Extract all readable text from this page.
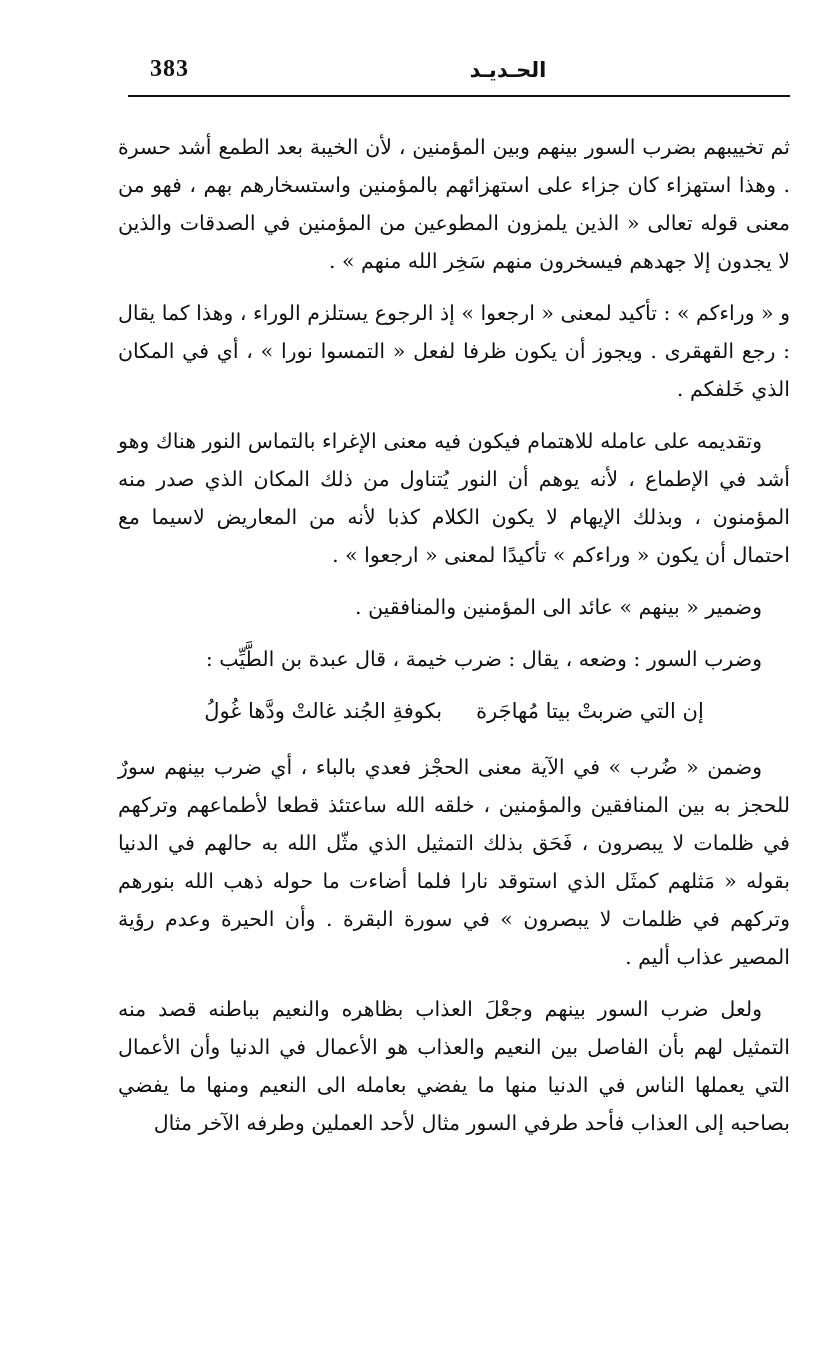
383	الحـديـد

ثم تخييبهم بضرب السور بينهم وبين المؤمنين ، لأن الخيبة بعد الطمع أشد حسرة . وهذا استهزاء كان جزاء على استهزائهم بالمؤمنين واستسخارهم بهم ، فهو من معنى قوله تعالى « الذين يلمزون المطوعين من المؤمنين في الصدقات والذين لا يجدون إلا جهدهم فيسخرون منهم سَخِر الله منهم » .

و « وراءكم » : تأكيد لمعنى « ارجعوا » إذ الرجوع يستلزم الوراء ، وهذا كما يقال : رجع القهقرى . ويجوز أن يكون ظرفا لفعل « التمسوا نورا » ، أي في المكان الذي خَلفكم .

وتقديمه على عامله للاهتمام فيكون فيه معنى الإغراء بالتماس النور هناك وهو أشد في الإطماع ، لأنه يوهم أن النور يُتناول من ذلك المكان الذي صدر منه المؤمنون ، وبذلك الإيهام لا يكون الكلام كذبا لأنه من المعاريض لاسيما مع احتمال أن يكون « وراءكم » تأكيدًا لمعنى « ارجعوا » .

وضمير « بينهم » عائد الى المؤمنين والمنافقين .

وضرب السور : وضعه ، يقال : ضرب خيمة ، قال عبدة بن الطَّيِّب :

إن التي ضربتْ بيتا مُهاجَرة
بكوفةِ الجُند غالتْ ودَّها غُولُ

وضمن « ضُرب » في الآية معنى الحجْز فعدي بالباء ، أي ضرب بينهم سورٌ للحجز به بين المنافقين والمؤمنين ، خلقه الله ساعتئذ قطعا لأطماعهم وتركهم في ظلمات لا يبصرون ، فَحَق بذلك التمثيل الذي مثّل الله به حالهم في الدنيا بقوله « مَثلهم كمثَل الذي استوقد نارا فلما أضاءت ما حوله ذهب الله بنورهم وتركهم في ظلمات لا يبصرون » في سورة البقرة . وأن الحيرة وعدم رؤية المصير عذاب أليم .

ولعل ضرب السور بينهم وجعْلَ العذاب بظاهره والنعيم بباطنه قصد منه التمثيل لهم بأن الفاصل بين النعيم والعذاب هو الأعمال في الدنيا وأن الأعمال التي يعملها الناس في الدنيا منها ما يفضي بعامله الى النعيم ومنها ما يفضي بصاحبه إلى العذاب فأحد طرفي السور مثال لأحد العملين وطرفه الآخر مثال
